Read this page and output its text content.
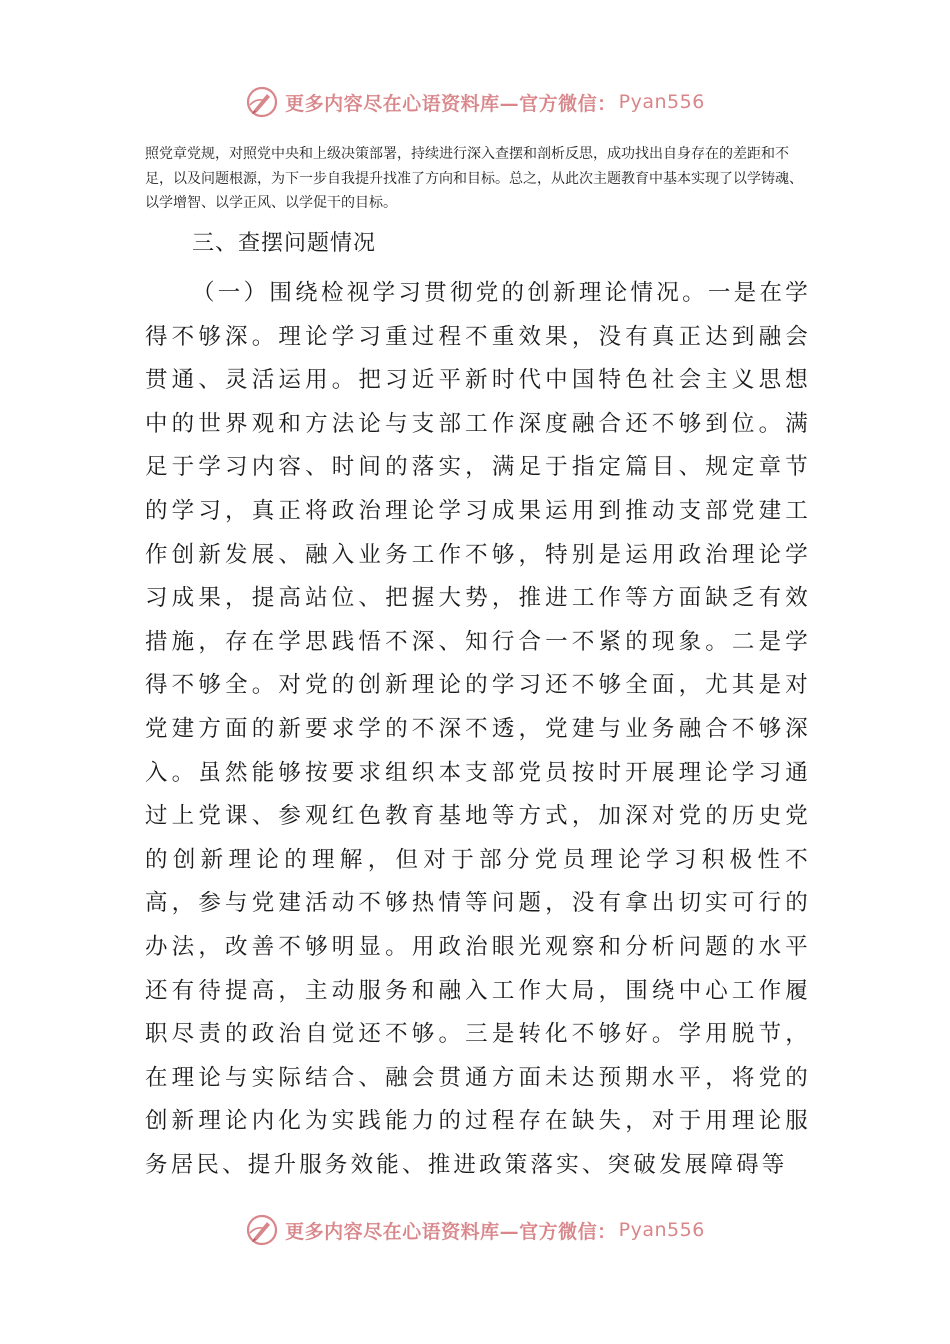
更多内容尽在心语资料库—官方微信： Pyan556

照党章党规，对照党中央和上级决策部署，持续进行深入查摆和剖析反思，成功找出自身存在的差距和不足，以及问题根源，为下一步自我提升找准了方向和目标。总之，从此次主题教育中基本实现了以学铸魂、以学增智、以学正风、以学促干的目标。

三、查摆问题情况

（一）围绕检视学习贯彻党的创新理论情况。一是在学得不够深。理论学习重过程不重效果，没有真正达到融会贯通、灵活运用。把习近平新时代中国特色社会主义思想中的世界观和方法论与支部工作深度融合还不够到位。满足于学习内容、时间的落实，满足于指定篇目、规定章节的学习，真正将政治理论学习成果运用到推动支部党建工作创新发展、融入业务工作不够，特别是运用政治理论学习成果，提高站位、把握大势，推进工作等方面缺乏有效措施，存在学思践悟不深、知行合一不紧的现象。二是学得不够全。对党的创新理论的学习还不够全面，尤其是对党建方面的新要求学的不深不透，党建与业务融合不够深入。虽然能够按要求组织本支部党员按时开展理论学习通过上党课、参观红色教育基地等方式，加深对党的历史党的创新理论的理解，但对于部分党员理论学习积极性不高，参与党建活动不够热情等问题，没有拿出切实可行的办法，改善不够明显。用政治眼光观察和分析问题的水平还有待提高，主动服务和融入工作大局，围绕中心工作履职尽责的政治自觉还不够。三是转化不够好。学用脱节，在理论与实际结合、融会贯通方面未达预期水平，将党的创新理论内化为实践能力的过程存在缺失，对于用理论服务居民、提升服务效能、推进政策落实、突破发展障碍等

更多内容尽在心语资料库—官方微信： Pyan556
